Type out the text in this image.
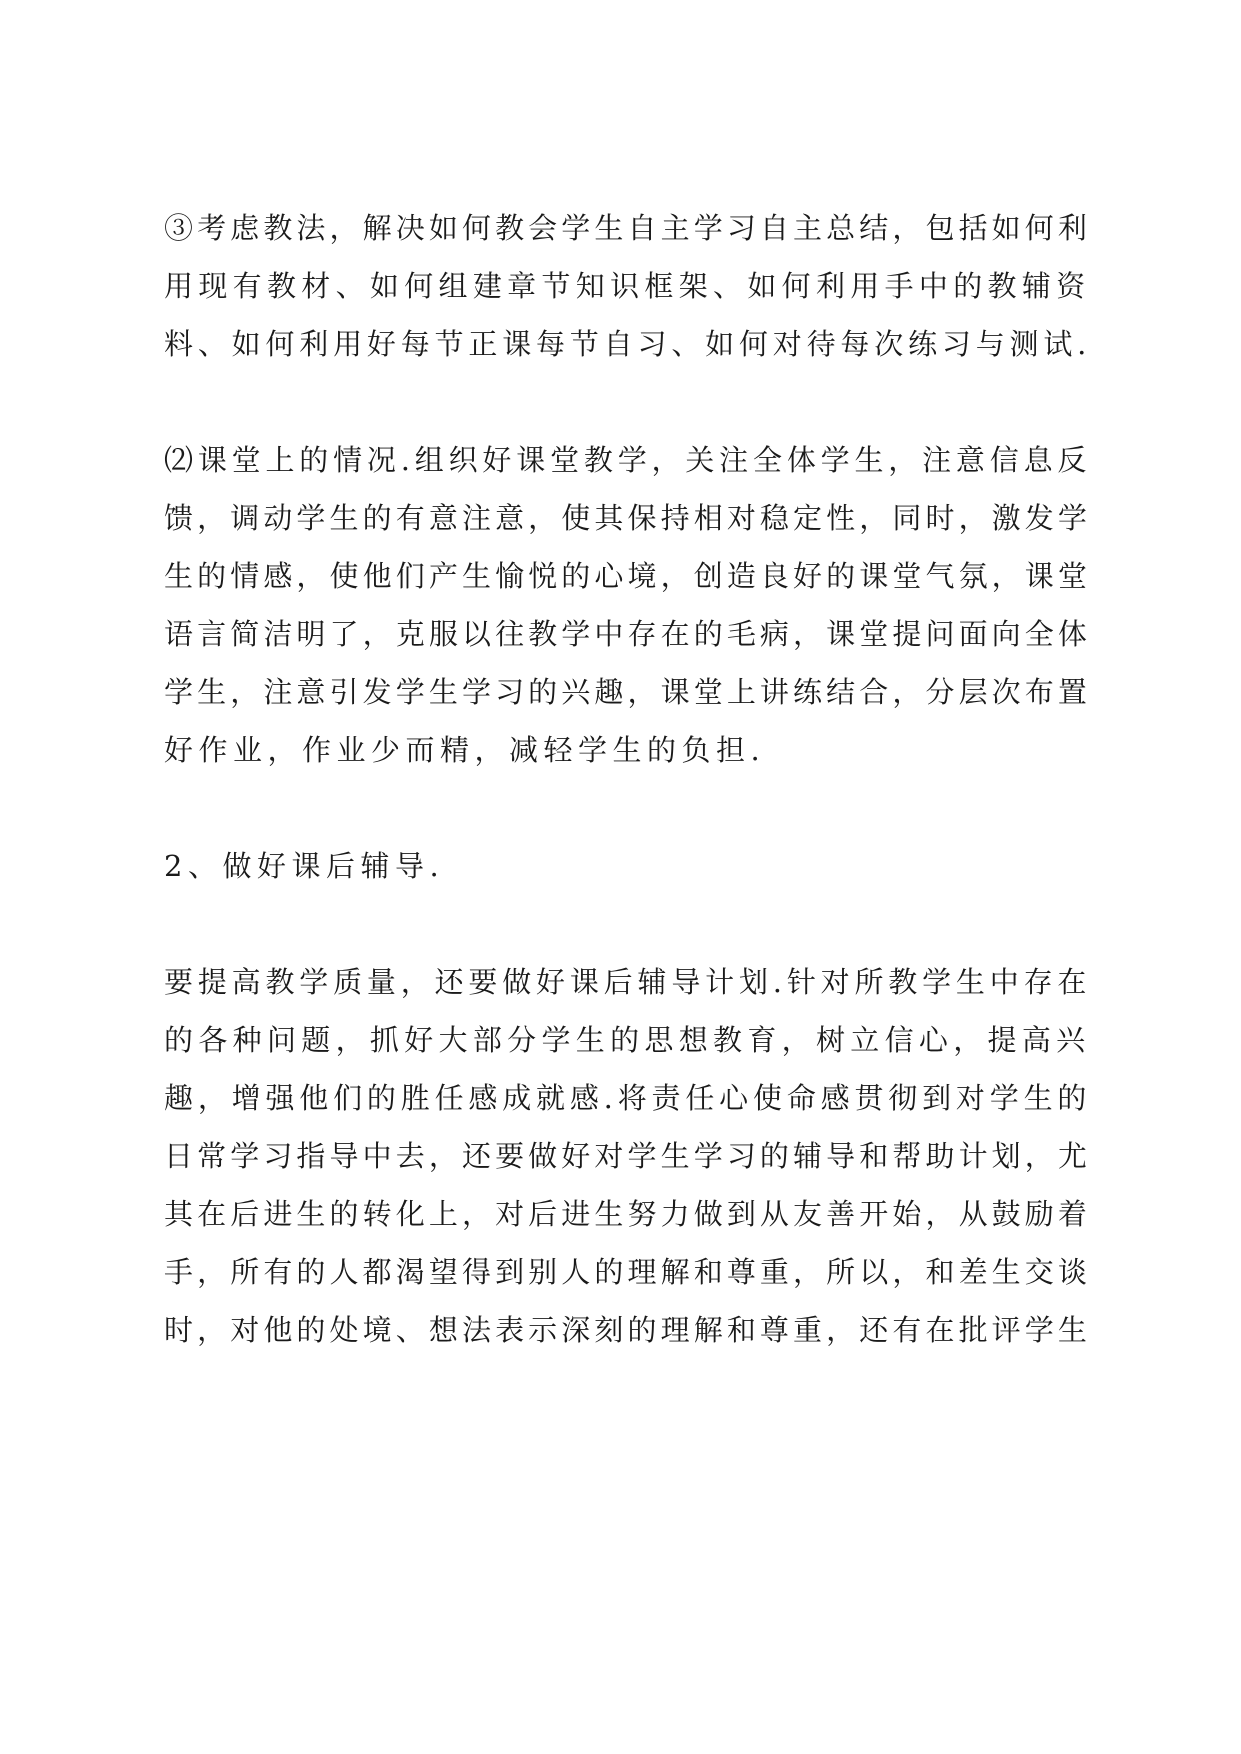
③考虑教法，解决如何教会学生自主学习自主总结，包括如何利
用现有教材、如何组建章节知识框架、如何利用手中的教辅资
料、如何利用好每节正课每节自习、如何对待每次练习与测试.
⑵课堂上的情况.组织好课堂教学，关注全体学生，注意信息反
馈，调动学生的有意注意，使其保持相对稳定性，同时，激发学
生的情感，使他们产生愉悦的心境，创造良好的课堂气氛，课堂
语言简洁明了，克服以往教学中存在的毛病，课堂提问面向全体
学生，注意引发学生学习的兴趣，课堂上讲练结合，分层次布置
好作业，作业少而精，减轻学生的负担.
2、做好课后辅导.
要提高教学质量，还要做好课后辅导计划.针对所教学生中存在
的各种问题，抓好大部分学生的思想教育，树立信心，提高兴
趣，增强他们的胜任感成就感.将责任心使命感贯彻到对学生的
日常学习指导中去，还要做好对学生学习的辅导和帮助计划，尤
其在后进生的转化上，对后进生努力做到从友善开始，从鼓励着
手，所有的人都渴望得到别人的理解和尊重，所以，和差生交谈
时，对他的处境、想法表示深刻的理解和尊重，还有在批评学生
